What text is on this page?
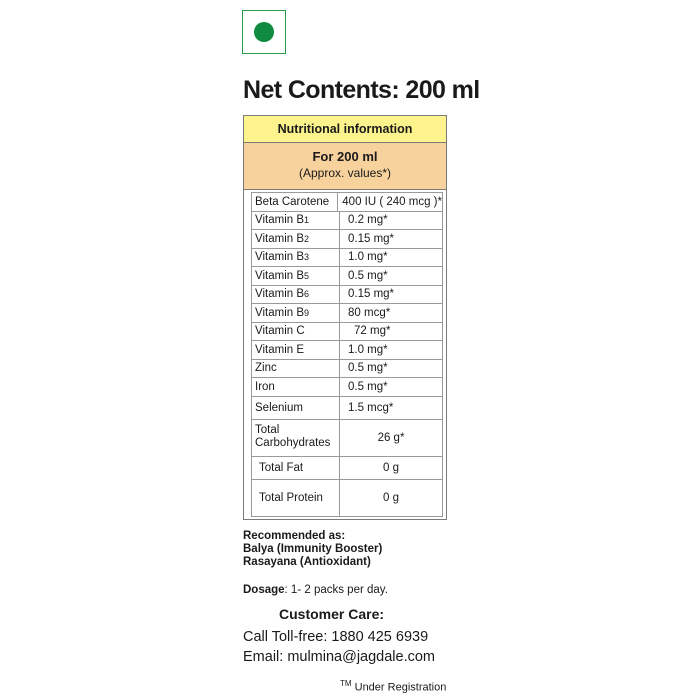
Net Contents: 200 ml
Nutritional information
For 200 ml
(Approx. values*)
Beta Carotene	400 IU ( 240 mcg )*
Vitamin B 1	0.2 mg*
Vitamin B 2	0.15 mg*
Vitamin B 3	1.0 mg*
Vitamin B 5	0.5 mg*
Vitamin B 6	0.15 mg*
Vitamin B 9	80 mcg*
Vitamin C	72 mg*
Vitamin E	1.0 mg*
Zinc	0.5 mg*
Iron	0.5 mg*
Selenium	1.5 mcg*
Total Carbohydrates	26 g*
Total Fat	0 g
Total Protein	0 g
Recommended as:
Balya (Immunity Booster)
Rasayana (Antioxidant)
Dosage: 1- 2 packs per day.
Customer Care:
Call Toll-free: 1880 425 6939
Email: mulmina@jagdale.com
™ Under Registration
